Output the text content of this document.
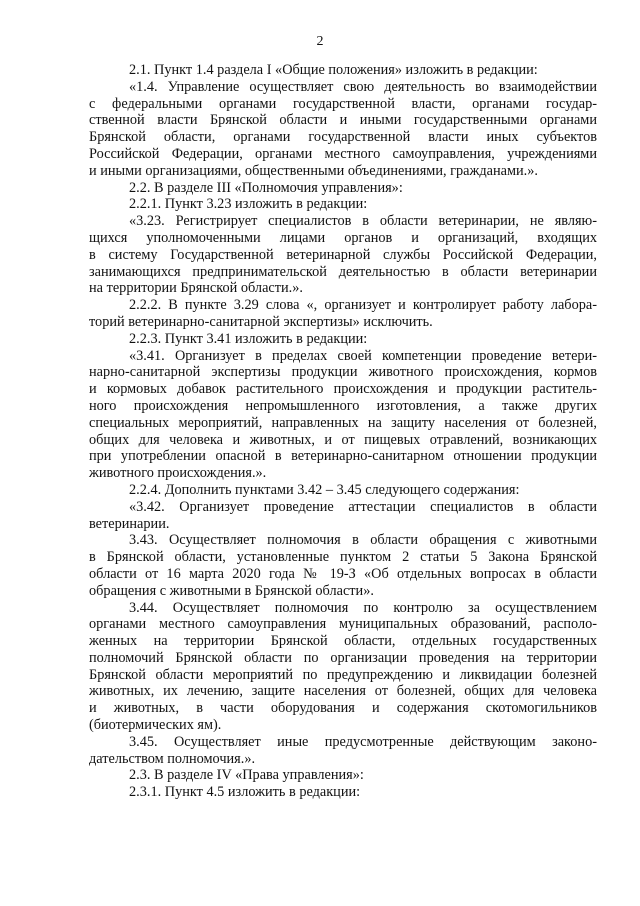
2
2.1. Пункт 1.4 раздела I «Общие положения» изложить в редакции:
«1.4. Управление осуществляет свою деятельность во взаимодействии
с федеральными органами государственной власти, органами государ-
ственной власти Брянской области и иными государственными органами
Брянской области, органами государственной власти иных субъектов
Российской Федерации, органами местного самоуправления, учреждениями
и иными организациями, общественными объединениями, гражданами.».
2.2. В разделе III «Полномочия управления»:
2.2.1. Пункт 3.23 изложить в редакции:
«3.23. Регистрирует специалистов в области ветеринарии, не являю-
щихся уполномоченными лицами органов и организаций, входящих
в систему Государственной ветеринарной службы Российской Федерации,
занимающихся предпринимательской деятельностью в области ветеринарии
на территории Брянской области.».
2.2.2. В пункте 3.29 слова «, организует и контролирует работу лабора-
торий ветеринарно-санитарной экспертизы» исключить.
2.2.3. Пункт 3.41 изложить в редакции:
«3.41. Организует в пределах своей компетенции проведение ветери-
нарно-санитарной экспертизы продукции животного происхождения, кормов
и кормовых добавок растительного происхождения и продукции раститель-
ного происхождения непромышленного изготовления, а также других
специальных мероприятий, направленных на защиту населения от болезней,
общих для человека и животных, и от пищевых отравлений, возникающих
при употреблении опасной в ветеринарно-санитарном отношении продукции
животного происхождения.».
2.2.4. Дополнить пунктами 3.42 – 3.45 следующего содержания:
«3.42. Организует проведение аттестации специалистов в области
ветеринарии.
3.43. Осуществляет полномочия в области обращения с животными
в Брянской области, установленные пунктом 2 статьи 5 Закона Брянской
области от 16 марта 2020 года № 19-З «Об отдельных вопросах в области
обращения с животными в Брянской области».
3.44. Осуществляет полномочия по контролю за осуществлением
органами местного самоуправления муниципальных образований, располо-
женных на территории Брянской области, отдельных государственных
полномочий Брянской области по организации проведения на территории
Брянской области мероприятий по предупреждению и ликвидации болезней
животных, их лечению, защите населения от болезней, общих для человека
и животных, в части оборудования и содержания скотомогильников
(биотермических ям).
3.45. Осуществляет иные предусмотренные действующим законо-
дательством полномочия.».
2.3. В разделе IV «Права управления»:
2.3.1. Пункт 4.5 изложить в редакции:
